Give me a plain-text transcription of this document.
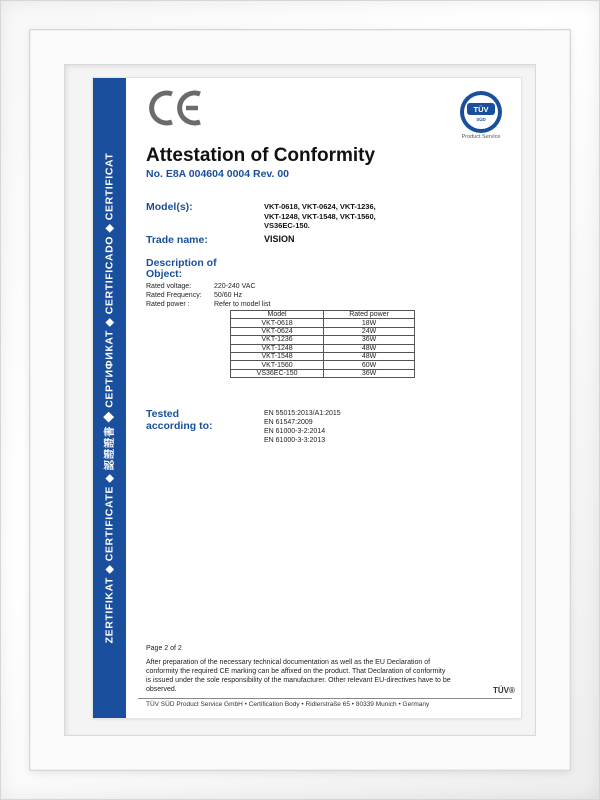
ZERTIFIKAT ◆ CERTIFICATE ◆ 認證證書 ◆ СЕРТИФИКАТ ◆ CERTIFICADO ◆ CERTIFICAT
TÜV
SÜD
Product Service
Attestation of Conformity
No. E8A 004604 0004 Rev. 00
Model(s):	VKT-0618, VKT-0624, VKT-1236,
VKT-1248, VKT-1548, VKT-1560,
VS36EC-150.
Trade name:	VISION
Description of
Object:
Rated voltage:	220-240 VAC
Rated Frequency:	50/60 Hz
Rated power :	Refer to model list
Model	Rated power
VKT-0618	18W
VKT-0624	24W
VKT-1236	36W
VKT-1248	48W
VKT-1548	48W
VKT-1560	60W
VS36EC-150	36W
Tested
according to:
EN 55015:2013/A1:2015
EN 61547:2009
EN 61000-3-2:2014
EN 61000-3-3:2013
Page 2 of 2
After preparation of the necessary technical documentation as well as the EU Declaration of
conformity the required CE marking can be affixed on the product. That Declaration of conformity
is issued under the sole responsibility of the manufacturer. Other relevant EU-directives have to be
observed.	TÜV®
TÜV SÜD Product Service GmbH • Certification Body • Ridlerstraße 65 • 80339 Munich • Germany
